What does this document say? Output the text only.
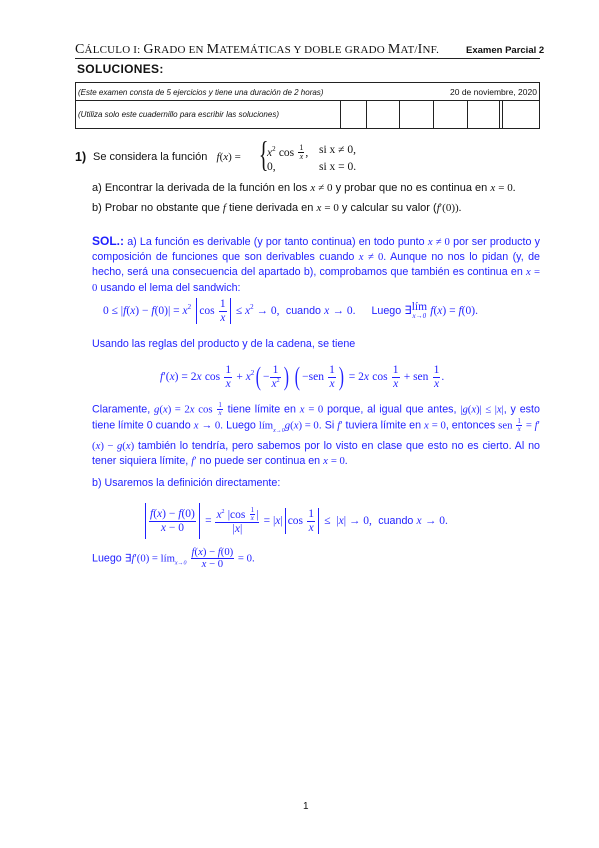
CÁLCULO I: GRADO EN MATEMÁTICAS Y DOBLE GRADO MAT/INF.	Examen Parcial 2
SOLUCIONES:
(Este examen consta de 5 ejercicios y tiene una duración de 2 horas)
(Utiliza solo este cuadernillo para escribir las soluciones)
20 de noviembre, 2020
1) Se considera la función f(x) = {
$x^2$ $\cos \frac{1}{x}$ , si x ≠ 0,
0,	si x = 0.
a) Encontrar la derivada de la función en los x ≠ 0 y probar que no es continua en x = 0.
b) Probar no obstante que f tiene derivada en x = 0 y calcular su valor (f′(0)).
SOL.: a) La función es derivable (y por tanto continua) en todo punto x ≠ 0 por ser producto y composición de funciones que son derivables cuando x ≠ 0. Aunque no nos lo pidan (y, de hecho, será una consecuencia del apartado b), comprobamos que también es continua en x = 0 usando el lema del sandwich:
$0 \le |f(x) - f(0)| = x^2$ $\cos \frac{1}{x} \le x^2 \to 0$, cuando x → 0. Luego ∃lím
x→0 f(x) = f(0).
Usando las reglas del producto y de la cadena, se tiene
f′(x) = 2x $\cos \frac{1}{x} + x^2( - \frac{1}{x^2}$ ) ( $-sen \frac{1}{x}$ ) = 2x $\cos \frac{1}{x}$ + sen $\frac{1}{x}$ .
Claramente, g(x) = 2x $\cos \frac{1}{x}$ tiene límite en x = 0 porque, al igual que antes, |g(x)| ≤ |x|, y esto tiene límite 0 cuando x → 0. Luego lím$_{x\to 0}$g(x) = 0. Si f′ tuviera límite en x = 0, entonces sen $\frac{1}{x} = f'(x) - g(x)$ también lo tendría, pero sabemos por lo visto en clase que esto no es cierto. Al no tener siquiera límite, f′ no puede ser continua en x = 0.
b) Usaremos la definición directamente:
$\frac{f(x) - f(0)}{x - 0} = \frac{x^2 |\cos \frac{1}{x} |}{|x|} = |x|$ $\cos \frac{1}{x} \le |x| \to 0$, cuando x → 0.
Luego ∃f′(0) = lím$_{x\to 0}$ $\frac{f(x) - f(0)}{x - 0} = 0$.
1
